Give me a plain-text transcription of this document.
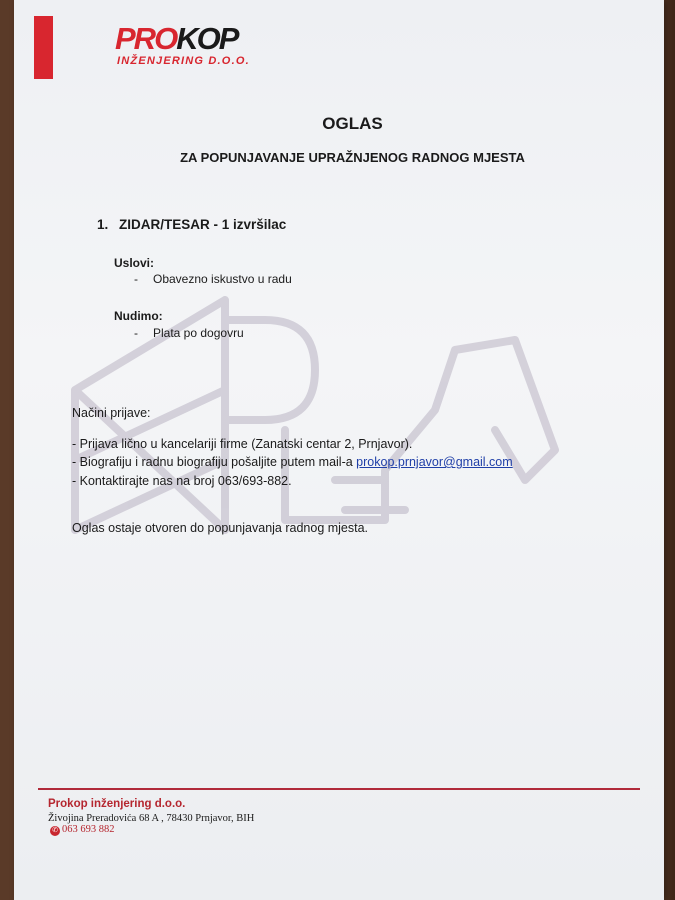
PROKOP
INŽENJERING D.O.O.
OGLAS
ZA POPUNJAVANJE UPRAŽNJENOG RADNOG MJESTA
1. ZIDAR/TESAR - 1 izvršilac
Uslovi:
- Obavezno iskustvo u radu
Nudimo:
- Plata po dogovru
Načini prijave:
- Prijava lično u kancelariji firme (Zanatski centar 2, Prnjavor).
- Biografiju i radnu biografiju pošaljite putem mail-a prokop.prnjavor@gmail.com
- Kontaktirajte nas na broj 063/693-882.
Oglas ostaje otvoren do popunjavanja radnog mjesta.
Prokop inženjering d.o.o.
Živojina Preradovića 68 A , 78430 Prnjavor, BIH
✆ 063 693 882
